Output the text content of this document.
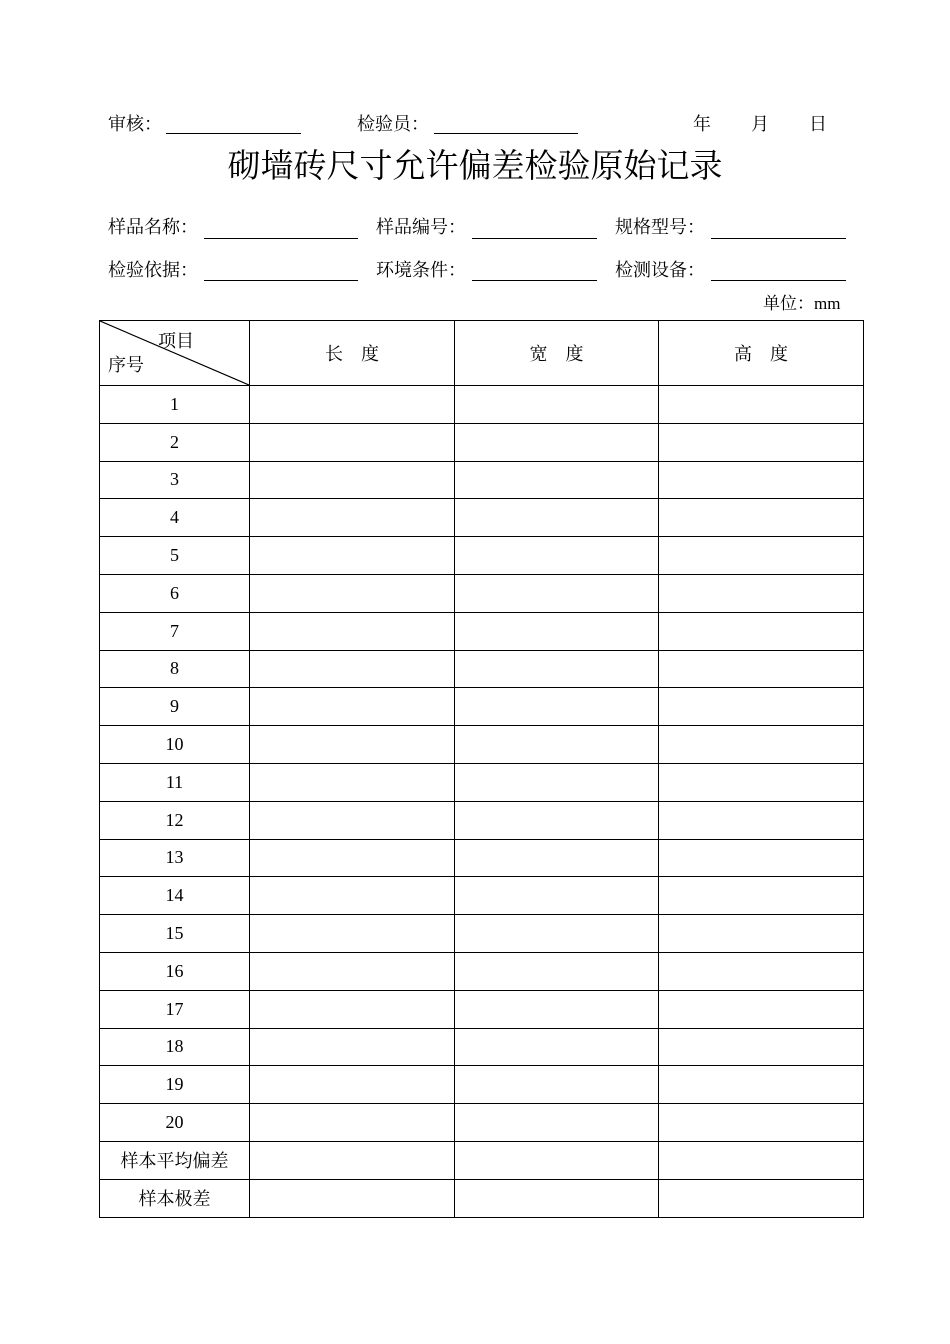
审核：	检验员：	年 月 日
砌墙砖尺寸允许偏差检验原始记录
样品名称：	样品编号：	规格型号：
检验依据：	环境条件：	检测设备：
单位：mm
项目
序号	长　度	宽　度	高　度
1			
2			
3			
4			
5			
6			
7			
8			
9			
10			
11			
12			
13			
14			
15			
16			
17			
18			
19			
20			
样本平均偏差			
样本极差			
